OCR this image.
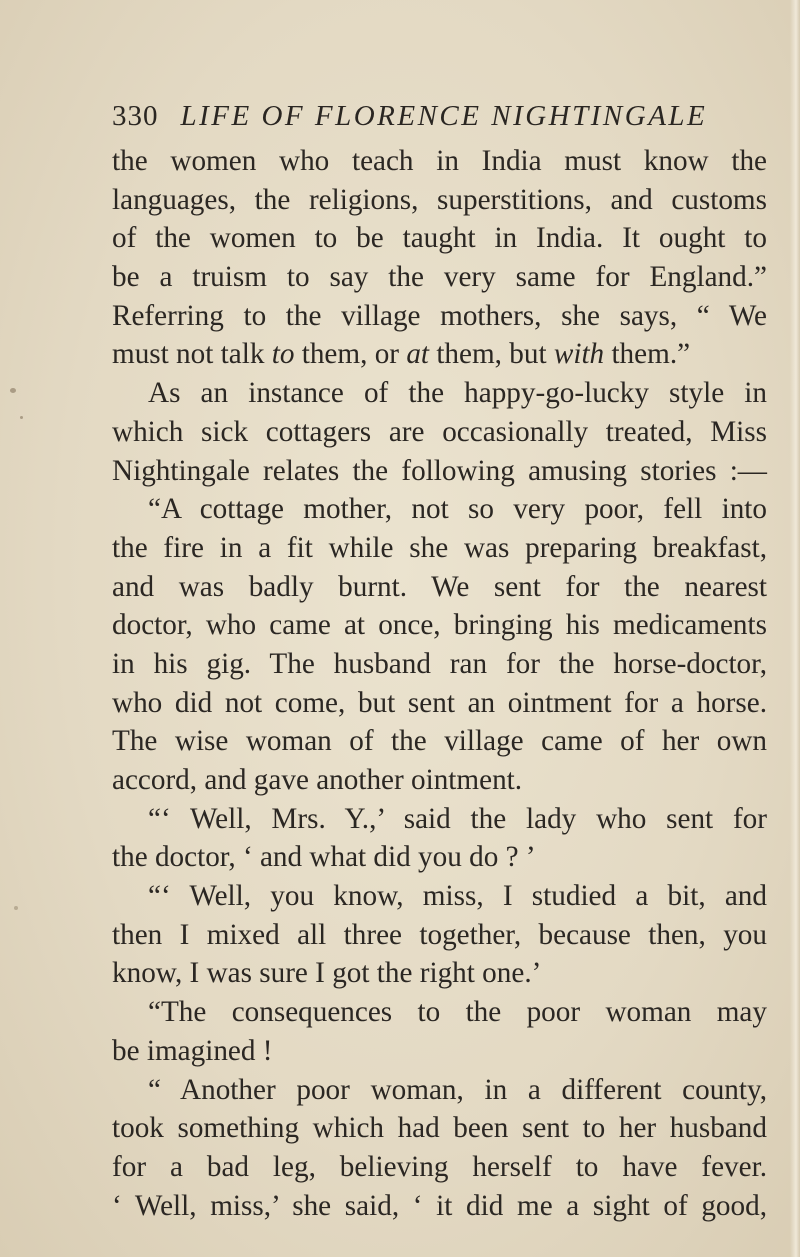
330 LIFE OF FLORENCE NIGHTINGALE
the women who teach in India must know the
languages, the religions, superstitions, and customs
of the women to be taught in India. It ought to
be a truism to say the very same for England.”
Referring to the village mothers, she says, “ We
must not talk to them, or at them, but with them.”
As an instance of the happy-go-lucky style in
which sick cottagers are occasionally treated, Miss
Nightingale relates the following amusing stories :—
“A cottage mother, not so very poor, fell into
the fire in a fit while she was preparing breakfast,
and was badly burnt. We sent for the nearest
doctor, who came at once, bringing his medicaments
in his gig. The husband ran for the horse-doctor,
who did not come, but sent an ointment for a horse.
The wise woman of the village came of her own
accord, and gave another ointment.
“‘ Well, Mrs. Y.,’ said the lady who sent for
the doctor, ‘ and what did you do ? ’
“‘ Well, you know, miss, I studied a bit, and
then I mixed all three together, because then, you
know, I was sure I got the right one.’
“The consequences to the poor woman may
be imagined !
“ Another poor woman, in a different county,
took something which had been sent to her husband
for a bad leg, believing herself to have fever.
‘ Well, miss,’ she said, ‘ it did me a sight of good,
